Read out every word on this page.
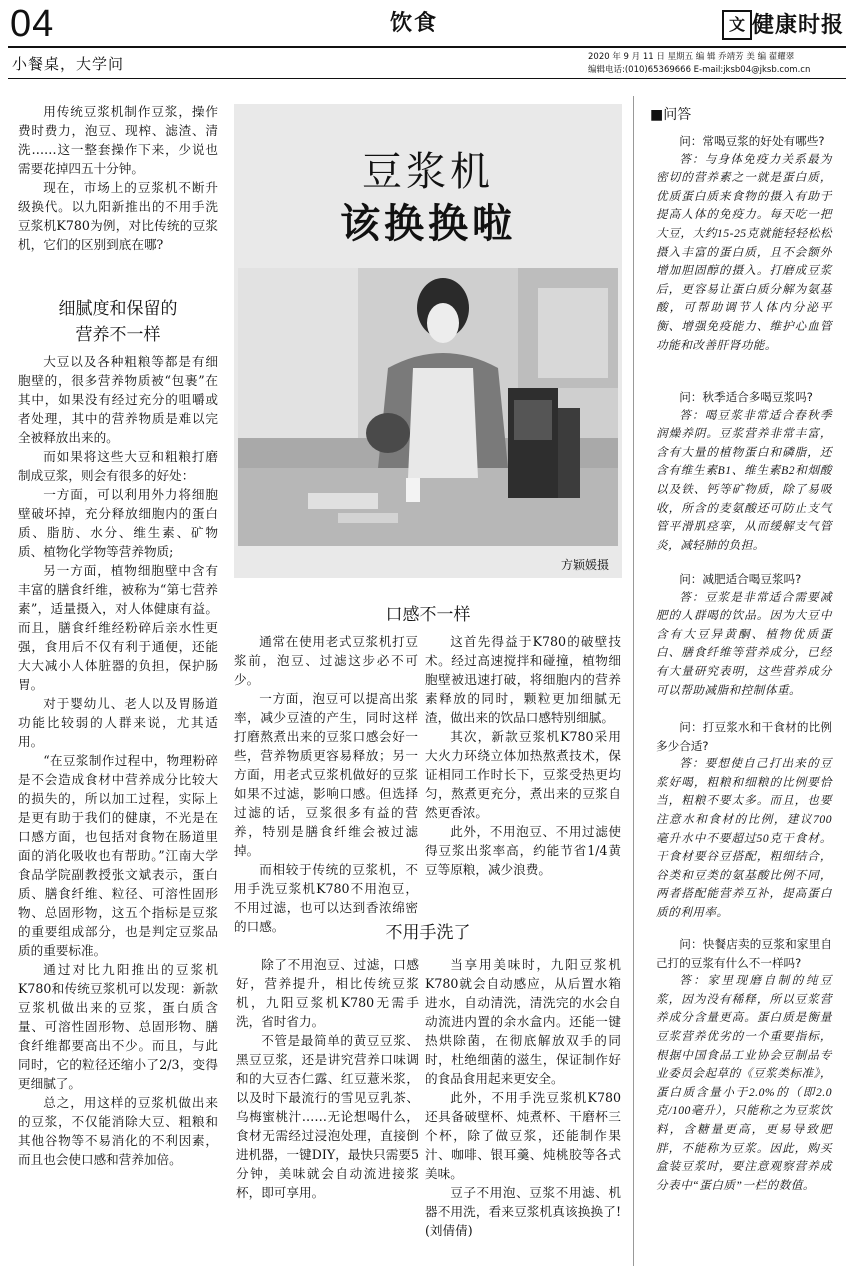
04	饮食	文 健康时报
小餐桌，大学问	2020 年 9 月 11 日 星期五 编 辑 乔靖芳 美 编 翟耀翠
编辑电话:(010)65369666 E-mail:jksb04@jksb.com.cn

用传统豆浆机制作豆浆，操作费时费力，泡豆、现榨、滤渣、清洗……这一整套操作下来，少说也需要花掉四五十分钟。

现在，市场上的豆浆机不断升级换代。以九阳新推出的不用手洗豆浆机K780为例，对比传统的豆浆机，它们的区别到底在哪?

细腻度和保留的
营养不一样

大豆以及各种粗粮等都是有细胞壁的，很多营养物质被“包裹”在其中，如果没有经过充分的咀嚼或者处理，其中的营养物质是难以完全被释放出来的。

而如果将这些大豆和粗粮打磨制成豆浆，则会有很多的好处：

一方面，可以利用外力将细胞壁破坏掉，充分释放细胞内的蛋白质、脂肪、水分、维生素、矿物质、植物化学物等营养物质;

另一方面，植物细胞壁中含有丰富的膳食纤维，被称为“第七营养素”，适量摄入，对人体健康有益。而且，膳食纤维经粉碎后亲水性更强，食用后不仅有利于通便，还能大大减小人体脏器的负担，保护肠胃。

对于婴幼儿、老人以及胃肠道功能比较弱的人群来说，尤其适用。

“在豆浆制作过程中，物理粉碎是不会造成食材中营养成分比较大的损失的，所以加工过程，实际上是更有助于我们的健康，不光是在口感方面，也包括对食物在肠道里面的消化吸收也有帮助。”江南大学食品学院副教授张文斌表示，蛋白质、膳食纤维、粒径、可溶性固形物、总固形物，这五个指标是豆浆的重要组成部分，也是判定豆浆品质的重要标准。

通过对比九阳推出的豆浆机K780和传统豆浆机可以发现：新款豆浆机做出来的豆浆，蛋白质含量、可溶性固形物、总固形物、膳食纤维都要高出不少。而且，与此同时，它的粒径还缩小了2/3，变得更细腻了。

总之，用这样的豆浆机做出来的豆浆，不仅能消除大豆、粗粮和其他谷物等不易消化的不利因素，而且也会使口感和营养加倍。

豆浆机
该换换啦
方颖媛摄
口感不一样

通常在使用老式豆浆机打豆浆前，泡豆、过滤这步必不可少。

一方面，泡豆可以提高出浆率，减少豆渣的产生，同时这样打磨熬煮出来的豆浆口感会好一些，营养物质更容易释放；另一方面，用老式豆浆机做好的豆浆如果不过滤，影响口感。但选择过滤的话，豆浆很多有益的营养，特别是膳食纤维会被过滤掉。

而相较于传统的豆浆机，不用手洗豆浆机K780不用泡豆，不用过滤，也可以达到香浓绵密的口感。

这首先得益于K780的破壁技术。经过高速搅拌和碰撞，植物细胞壁被迅速打破，将细胞内的营养素释放的同时，颗粒更加细腻无渣，做出来的饮品口感特别细腻。

其次，新款豆浆机K780采用大火力环绕立体加热熬煮技术，保证相同工作时长下，豆浆受热更均匀，熬煮更充分，煮出来的豆浆自然更香浓。

此外，不用泡豆、不用过滤使得豆浆出浆率高，约能节省1/4黄豆等原粮，减少浪费。

不用手洗了

除了不用泡豆、过滤，口感好，营养提升，相比传统豆浆机，九阳豆浆机K780无需手洗，省时省力。

不管是最简单的黄豆豆浆、黑豆豆浆，还是讲究营养口味调和的大豆杏仁露、红豆薏米浆，以及时下最流行的雪见豆乳茶、乌梅蜜桃汁……无论想喝什么，食材无需经过浸泡处理，直接倒进机器，一键DIY，最快只需要5分钟，美味就会自动流进接浆杯，即可享用。

当享用美味时，九阳豆浆机K780就会自动感应，从后置水箱进水，自动清洗，清洗完的水会自动流进内置的余水盒内。还能一键热烘除菌，在彻底解放双手的同时，杜绝细菌的滋生，保证制作好的食品食用起来更安全。

此外，不用手洗豆浆机K780还具备破壁杯、炖煮杯、干磨杯三个杯，除了做豆浆，还能制作果汁、咖啡、银耳羹、炖桃胶等各式美味。

豆子不用泡、豆浆不用滤、机器不用洗，看来豆浆机真该换换了!　(刘倩倩)

■问答

问：常喝豆浆的好处有哪些?

答：与身体免疫力关系最为密切的营养素之一就是蛋白质，优质蛋白质来食物的摄入有助于提高人体的免疫力。每天吃一把大豆，大约15-25克就能轻轻松松摄入丰富的蛋白质，且不会额外增加胆固醇的摄入。打磨成豆浆后，更容易让蛋白质分解为氨基酸，可帮助调节人体内分泌平衡、增强免疫能力、维护心血管功能和改善肝肾功能。

问：秋季适合多喝豆浆吗?

答：喝豆浆非常适合春秋季润燥养阴。豆浆营养非常丰富，含有大量的植物蛋白和磷脂，还含有维生素B1、维生素B2和烟酸以及铁、钙等矿物质，除了易吸收，所含的麦氨酸还可防止支气管平滑肌痉挛，从而缓解支气管炎，减轻肺的负担。

问：减肥适合喝豆浆吗?

答：豆浆是非常适合需要减肥的人群喝的饮品。因为大豆中含有大豆异黄酮、植物优质蛋白、膳食纤维等营养成分，已经有大量研究表明，这些营养成分可以帮助减脂和控制体重。

问：打豆浆水和干食材的比例多少合适?

答：要想使自己打出来的豆浆好喝，粗粮和细粮的比例要恰当，粗粮不要太多。而且，也要注意水和食材的比例，建议700毫升水中不要超过50克干食材。干食材要谷豆搭配，粗细结合，谷类和豆类的氨基酸比例不同，两者搭配能营养互补，提高蛋白质的利用率。

问：快餐店卖的豆浆和家里自己打的豆浆有什么不一样吗?

答：家里现磨自制的纯豆浆，因为没有稀释，所以豆浆营养成分含量更高。蛋白质是衡量豆浆营养优劣的一个重要指标，根据中国食品工业协会豆制品专业委员会起草的《豆浆类标准》，蛋白质含量小于2.0%的（即2.0克/100毫升），只能称之为豆浆饮料，含糖量更高，更易导致肥胖，不能称为豆浆。因此，购买盒装豆浆时，要注意观察营养成分表中“蛋白质”一栏的数值。
